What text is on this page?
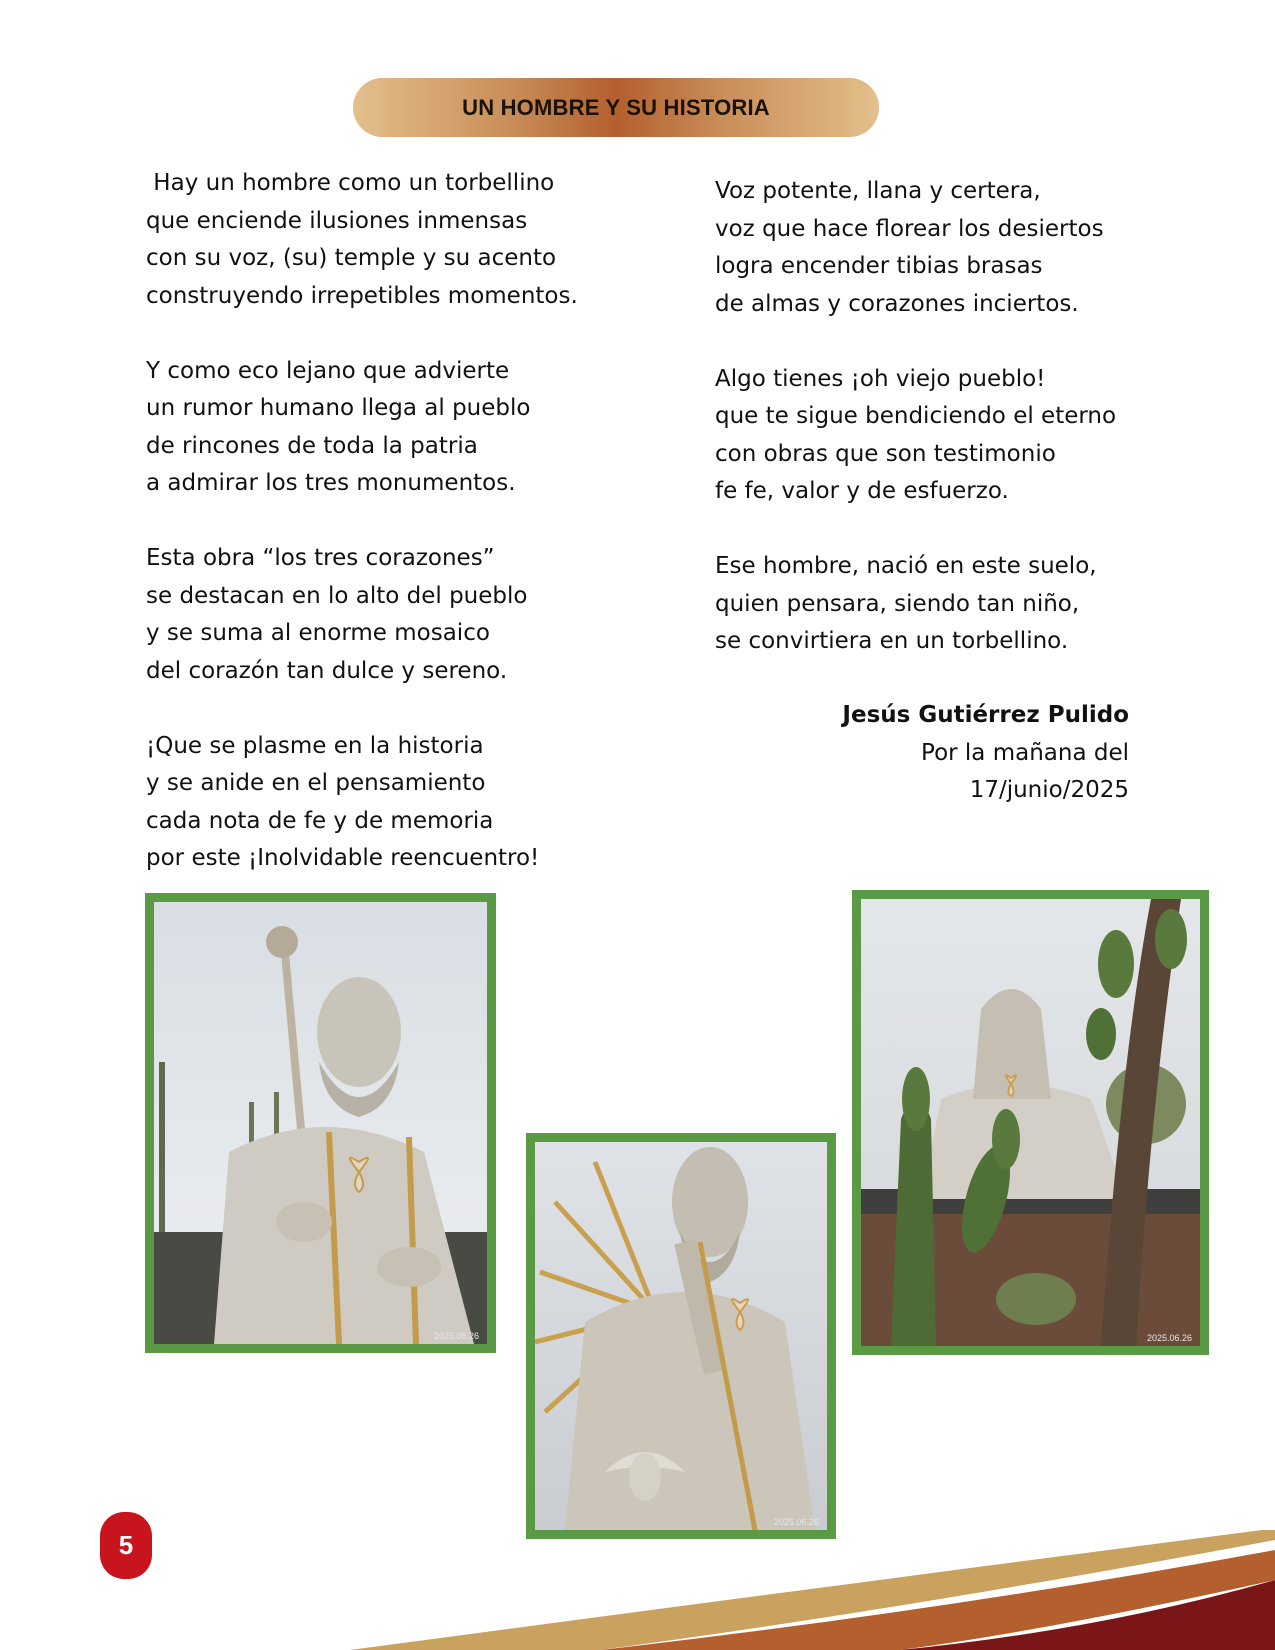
UN HOMBRE Y SU HISTORIA
Hay un hombre como un torbellino
que enciende ilusiones inmensas
con su voz, (su) temple y su acento
construyendo irrepetibles momentos.
Y como eco lejano que advierte
un rumor humano llega al pueblo
de rincones de toda la patria
a admirar los tres monumentos.
Esta obra “los tres corazones”
se destacan en lo alto del pueblo
y se suma al enorme mosaico
del corazón tan dulce y sereno.
¡Que se plasme en la historia
y se anide en el pensamiento
cada nota de fe y de memoria
por este ¡Inolvidable reencuentro!
Voz potente, llana y certera,
voz que hace florear los desiertos
logra encender tibias brasas
de almas y corazones inciertos.
Algo tienes ¡oh viejo pueblo!
que te sigue bendiciendo el eterno
con obras que son testimonio
fe fe, valor y de esfuerzo.
Ese hombre, nació en este suelo,
quien pensara, siendo tan niño,
se convirtiera en un torbellino.
Jesús Gutiérrez Pulido
Por la mañana del
17/junio/2025
2025.06.26
2025.06.26
2025.06.26
5
